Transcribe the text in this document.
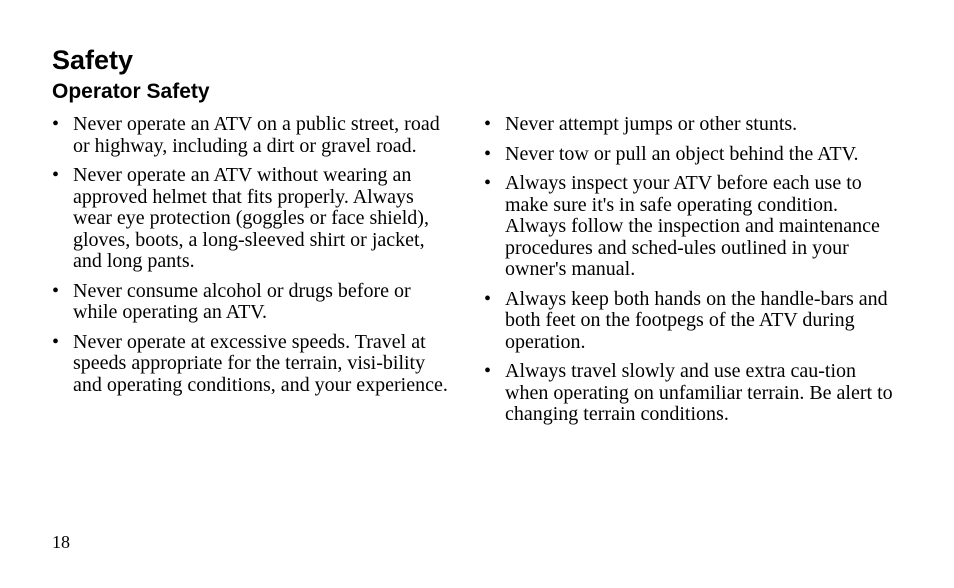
Safety
Operator Safety
• Never operate an ATV on a public street, road or highway, including a dirt or gravel road.
• Never operate an ATV without wearing an approved helmet that fits properly. Always wear eye protection (goggles or face shield), gloves, boots, a long-sleeved shirt or jacket, and long pants.
• Never consume alcohol or drugs before or while operating an ATV.
• Never operate at excessive speeds. Travel at speeds appropriate for the terrain, visi-bility and operating conditions, and your experience.
• Never attempt jumps or other stunts.
• Never tow or pull an object behind the ATV.
• Always inspect your ATV before each use to make sure it's in safe operating condition. Always follow the inspection and maintenance procedures and sched-ules outlined in your owner's manual.
• Always keep both hands on the handle-bars and both feet on the footpegs of the ATV during operation.
• Always travel slowly and use extra cau-tion when operating on unfamiliar terrain. Be alert to changing terrain conditions.
18
